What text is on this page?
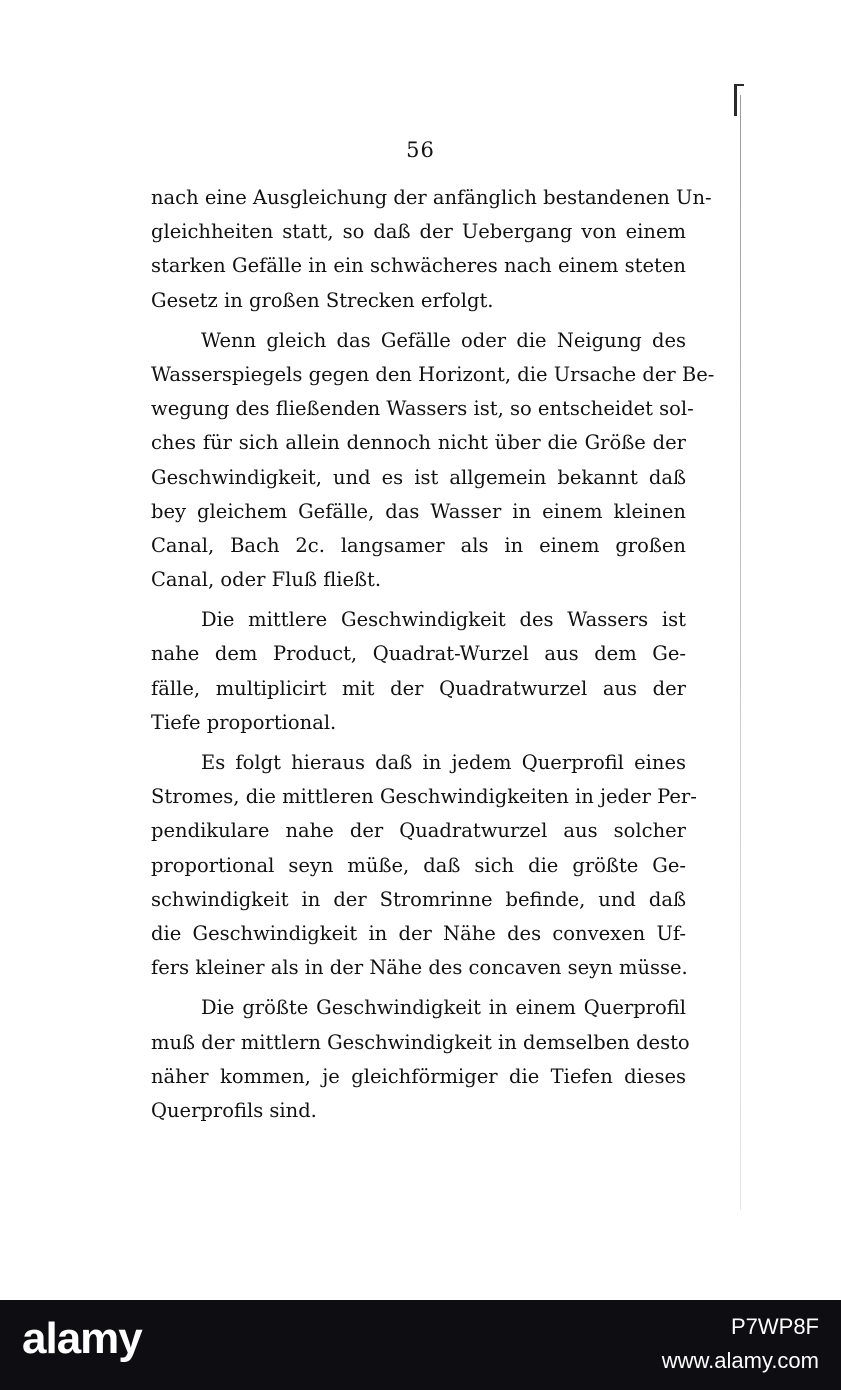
56
nach eine Ausgleichung der anfänglich bestandenen Un-
gleichheiten statt, so daß der Uebergang von einem
starken Gefälle in ein schwächeres nach einem steten
Gesetz in großen Strecken erfolgt.
Wenn gleich das Gefälle oder die Neigung des
Wasserspiegels gegen den Horizont, die Ursache der Be-
wegung des fließenden Wassers ist, so entscheidet sol-
ches für sich allein dennoch nicht über die Größe der
Geschwindigkeit, und es ist allgemein bekannt daß
bey gleichem Gefälle, das Wasser in einem kleinen
Canal, Bach 2c. langsamer als in einem großen
Canal, oder Fluß fließt.
Die mittlere Geschwindigkeit des Wassers ist
nahe dem Product, Quadrat-Wurzel aus dem Ge-
fälle, multiplicirt mit der Quadratwurzel aus der
Tiefe proportional.
Es folgt hieraus daß in jedem Querprofil eines
Stromes, die mittleren Geschwindigkeiten in jeder Per-
pendikulare nahe der Quadratwurzel aus solcher
proportional seyn müße, daß sich die größte Ge-
schwindigkeit in der Stromrinne befinde, und daß
die Geschwindigkeit in der Nähe des convexen Uf-
fers kleiner als in der Nähe des concaven seyn müsse.
Die größte Geschwindigkeit in einem Querprofil
muß der mittlern Geschwindigkeit in demselben desto
näher kommen, je gleichförmiger die Tiefen dieses
Querprofils sind.
alamy	P7WP8F
www.alamy.com
